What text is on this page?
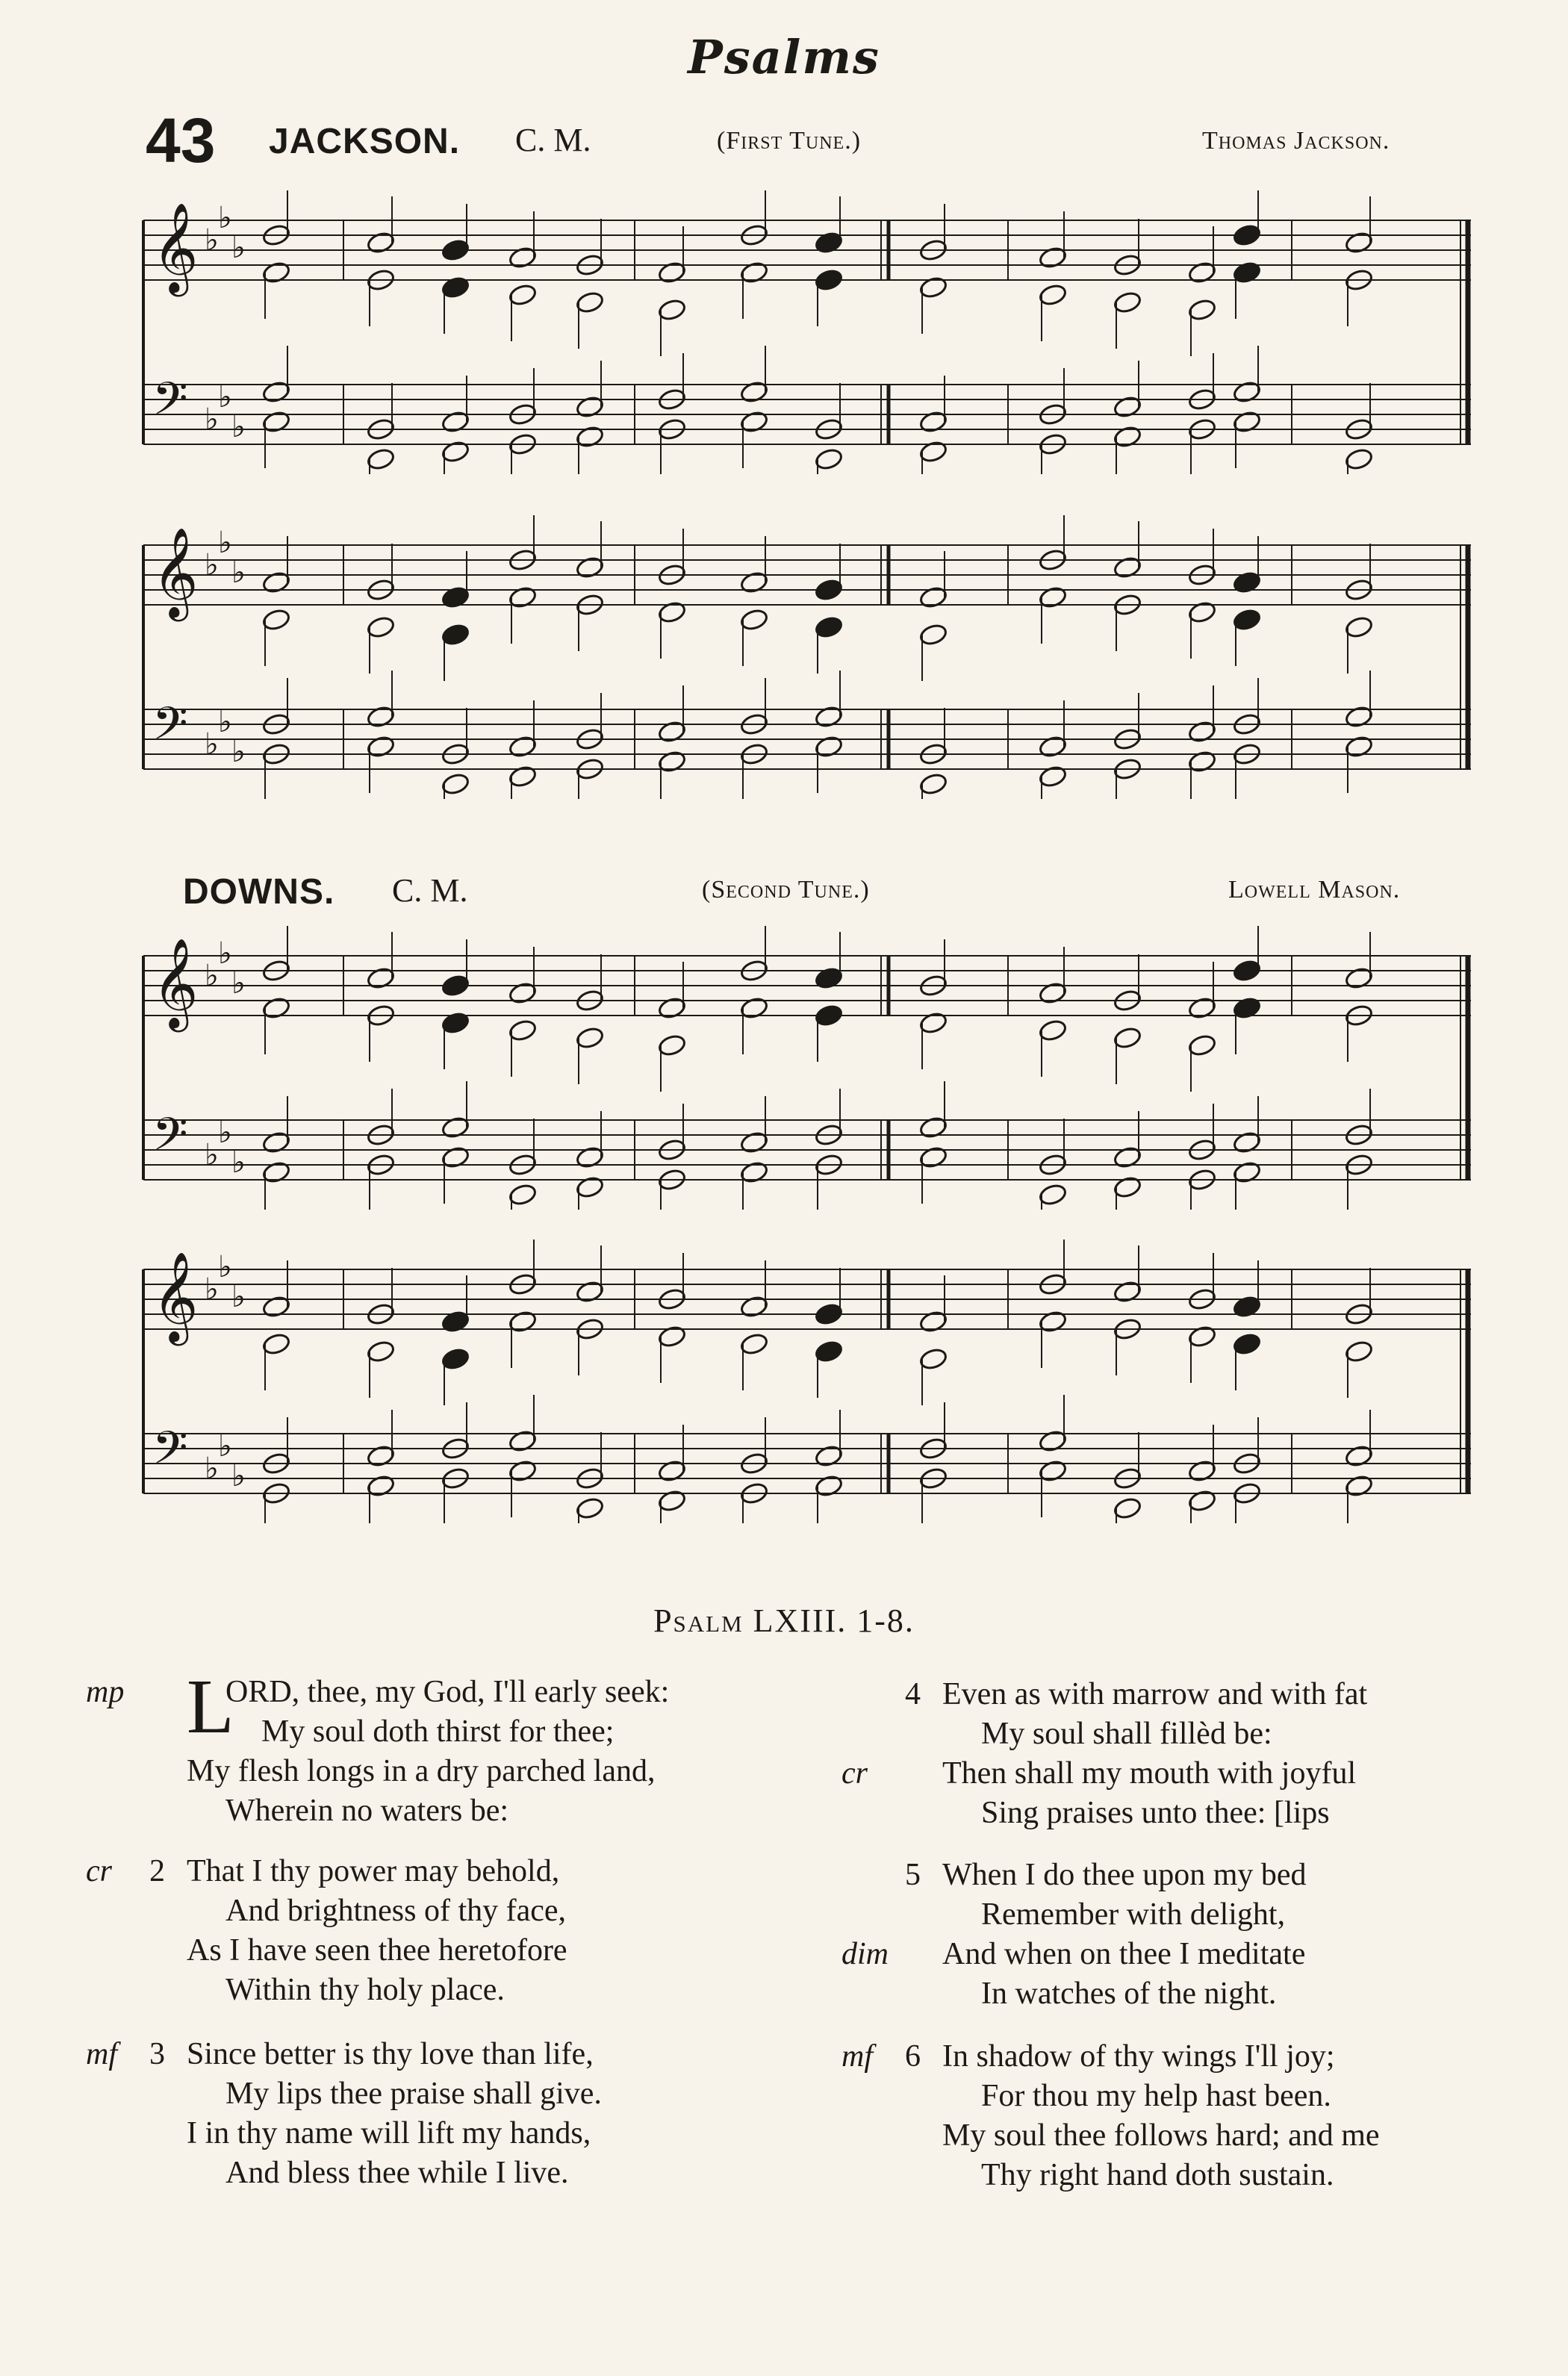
Psalms
43 JACKSON. C. M.	(First Tune.)	Thomas Jackson.
𝄞 ♭
♭
♭
𝄢 ♭
♭
♭
𝄞 ♭
♭
♭
𝄢 ♭
♭
♭
DOWNS. C. M.	(Second Tune.)	Lowell Mason.
𝄞 ♭
♭
♭
𝄢 ♭
♭
♭
𝄞 ♭
♭
♭
𝄢 ♭
♭
♭
Psalm LXIII. 1-8.
mp L
ORD, thee, my God, I'll early seek:
My soul doth thirst for thee;
My flesh longs in a dry parched land,
Wherein no waters be:
cr 2 That I thy power may behold,
And brightness of thy face,
As I have seen thee heretofore
Within thy holy place.
mf 3 Since better is thy love than life,
My lips thee praise shall give.
I in thy name will lift my hands,
And bless thee while I live.
4
cr
Even as with marrow and with fat
My soul shall fillèd be:
Then shall my mouth with joyful
Sing praises unto thee: [lips
5
dim
When I do thee upon my bed
Remember with delight,
And when on thee I meditate
In watches of the night.
mf 6 In shadow of thy wings I'll joy;
For thou my help hast been.
My soul thee follows hard; and me
Thy right hand doth sustain.
